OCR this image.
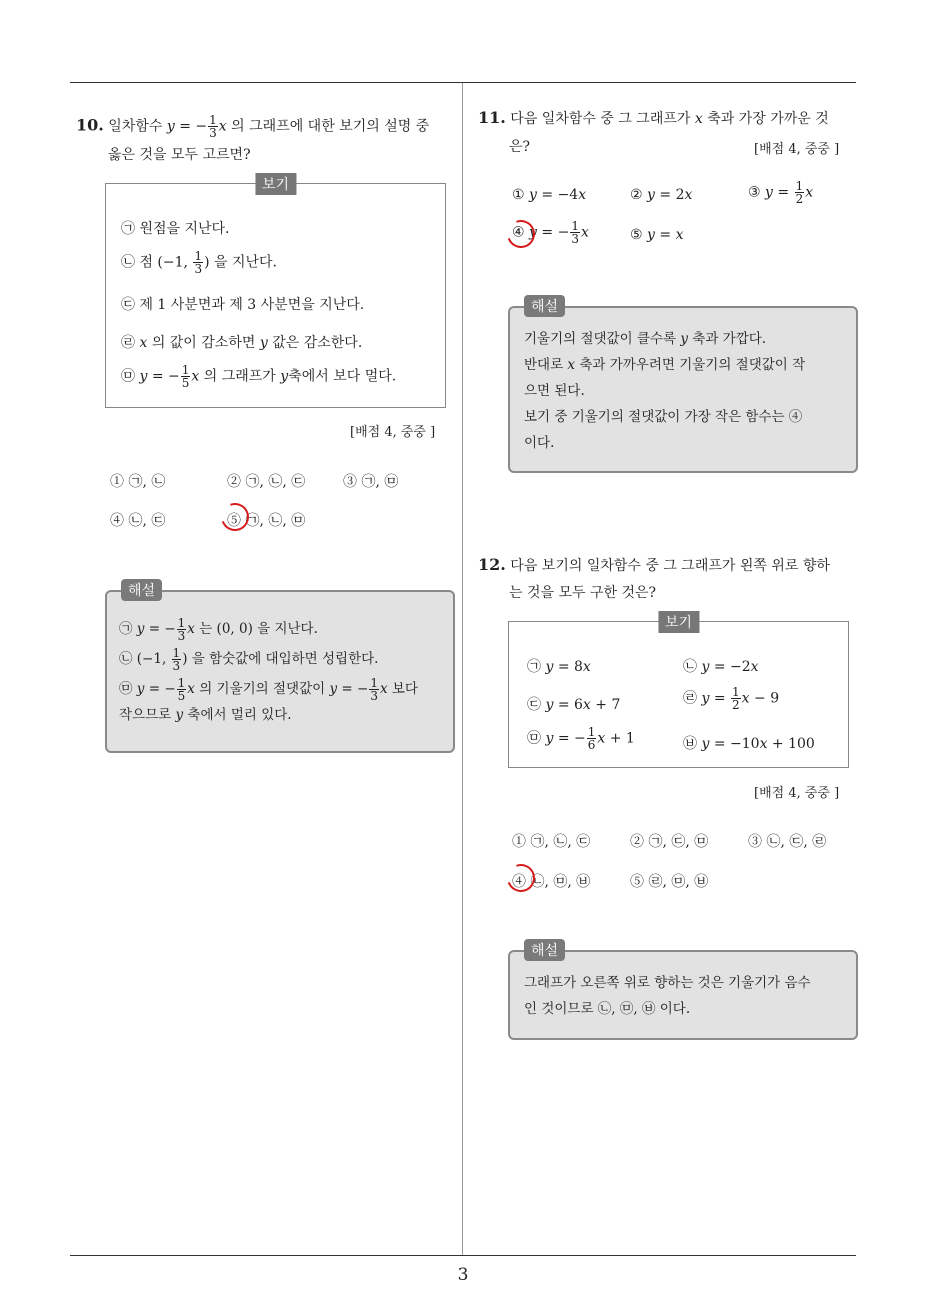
3
10. 일차함수 y = − $\frac{1}{3}$ x 의 그래프에 대한 보기의 설명 중
옳은 것을 모두 고르면?
보기
㉠ 원점을 지난다.
㉡ 점 (−1, $\frac{1}{3}$ ) 을 지난다.
㉢ 제 1 사분면과 제 3 사분면을 지난다.
㉣ x 의 값이 감소하면 y 값은 감소한다.
㉤ y = − $\frac{1}{5}$ x 의 그래프가 y축에서 보다 멀다.
[배점 4, 중중 ]
① ㉠, ㉡	② ㉠, ㉡, ㉢	③ ㉠, ㉤
④ ㉡, ㉢	⑤ ㉠, ㉡, ㉤
해설
㉠ y = − $\frac{1}{3}$ x 는 (0, 0) 을 지난다.
㉡ (−1, $\frac{1}{3}$ ) 을 함숫값에 대입하면 성립한다.
㉤ y = − $\frac{1}{5}$ x 의 기울기의 절댓값이 y = − $\frac{1}{3}$ x 보다
작으므로 y 축에서 멀리 있다.
11. 다음 일차함수 중 그 그래프가 x 축과 가장 가까운 것
은?	[배점 4, 중중 ]
① y = −4x	② y = 2x	③ $y = \frac{1}{2}$ x
④ y = − $\frac{1}{3}$ x	⑤ y = x
해설
기울기의 절댓값이 클수록 y 축과 가깝다.
반대로 x 축과 가까우려면 기울기의 절댓값이 작
으면 된다.
보기 중 기울기의 절댓값이 가장 작은 함수는 ④
이다.
12. 다음 보기의 일차함수 중 그 그래프가 왼쪽 위로 향하
는 것을 모두 구한 것은?
보기
㉠ y = 8x	㉡ y = −2x
㉢ y = 6x + 7	㉣ $y = \frac{1}{2}$ x − 9
㉤ y = − $\frac{1}{6}$ x + 1	㉥ y = −10x + 100
[배점 4, 중중 ]
① ㉠, ㉡, ㉢	② ㉠, ㉢, ㉤	③ ㉡, ㉢, ㉣
④ ㉡, ㉤, ㉥	⑤ ㉣, ㉤, ㉥
해설
그래프가 오른쪽 위로 향하는 것은 기울기가 음수
인 것이므로 ㉡, ㉤, ㉥ 이다.
